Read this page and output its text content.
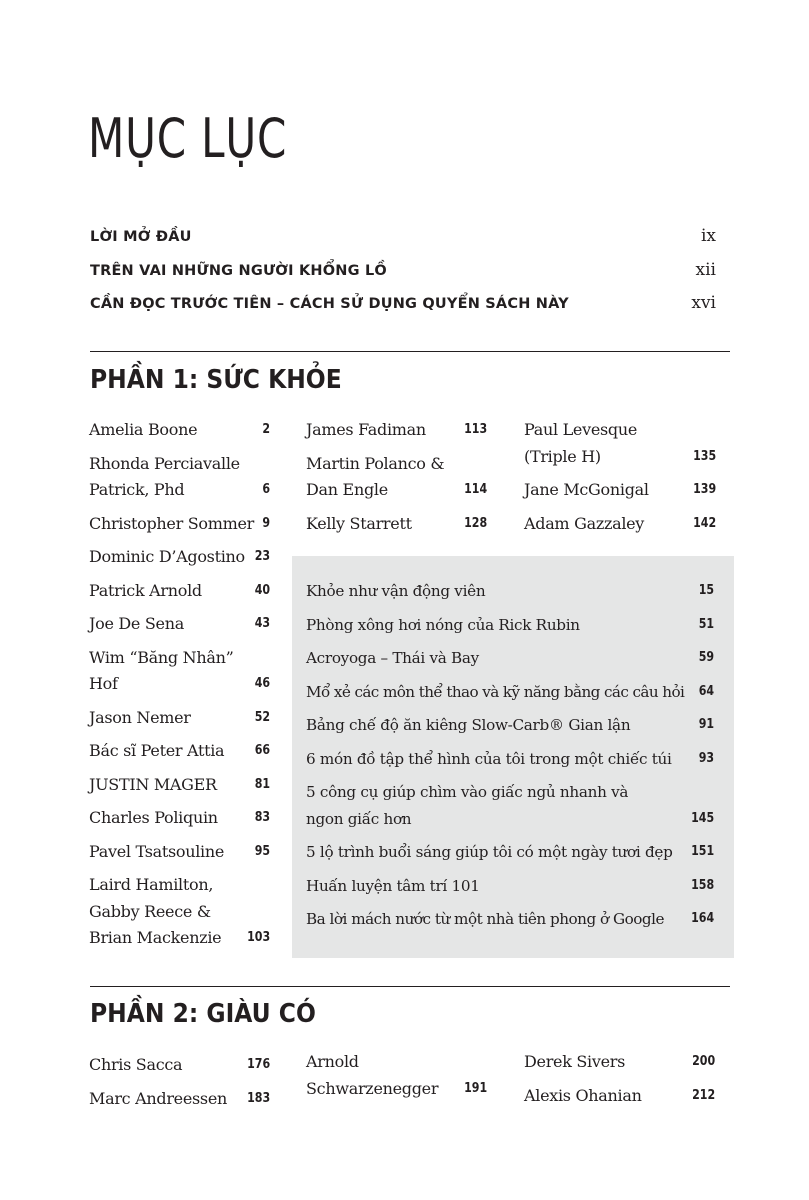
MỤC LỤC
LỜI MỞ ĐẦU	ix
TRÊN VAI NHỮNG NGƯỜI KHỔNG LỒ	xii
CẦN ĐỌC TRƯỚC TIÊN – CÁCH SỬ DỤNG QUYỂN SÁCH NÀY	xvi
PHẦN 1: SỨC KHỎE
Amelia Boone	2
Rhonda Perciavalle Patrick, Phd	6
Christopher Sommer 9
Dominic D’Agostino 23
Patrick Arnold	40
Joe De Sena	43
Wim “Băng Nhân” Hof	46
Jason Nemer	52
Bác sĩ Peter Attia 66
JUSTIN MAGER	81
Charles Poliquin	83
Pavel Tsatsouline 95
Laird Hamilton, Gabby Reece & Brian Mackenzie	103
James Fadiman	113
Martin Polanco & Dan Engle	114
Kelly Starrett	128
Paul Levesque (Triple H)	135
Jane McGonigal	139
Adam Gazzaley	142
Khỏe như vận động viên	15
Phòng xông hơi nóng của Rick Rubin	51
Acroyoga – Thái và Bay	59
Mổ xẻ các môn thể thao và kỹ năng bằng các câu hỏi 64
Bảng chế độ ăn kiêng Slow-Carb® Gian lận	91
6 món đồ tập thể hình của tôi trong một chiếc túi 93
5 công cụ giúp chìm vào giấc ngủ nhanh và ngon giấc hơn	145
5 lộ trình buổi sáng giúp tôi có một ngày tươi đẹp 151
Huấn luyện tâm trí 101	158
Ba lời mách nước từ một nhà tiên phong ở Google 164
PHẦN 2: GIÀU CÓ
Chris Sacca	176
Marc Andreessen 183
Arnold Schwarzenegger	191
Derek Sivers	200
Alexis Ohanian	212
